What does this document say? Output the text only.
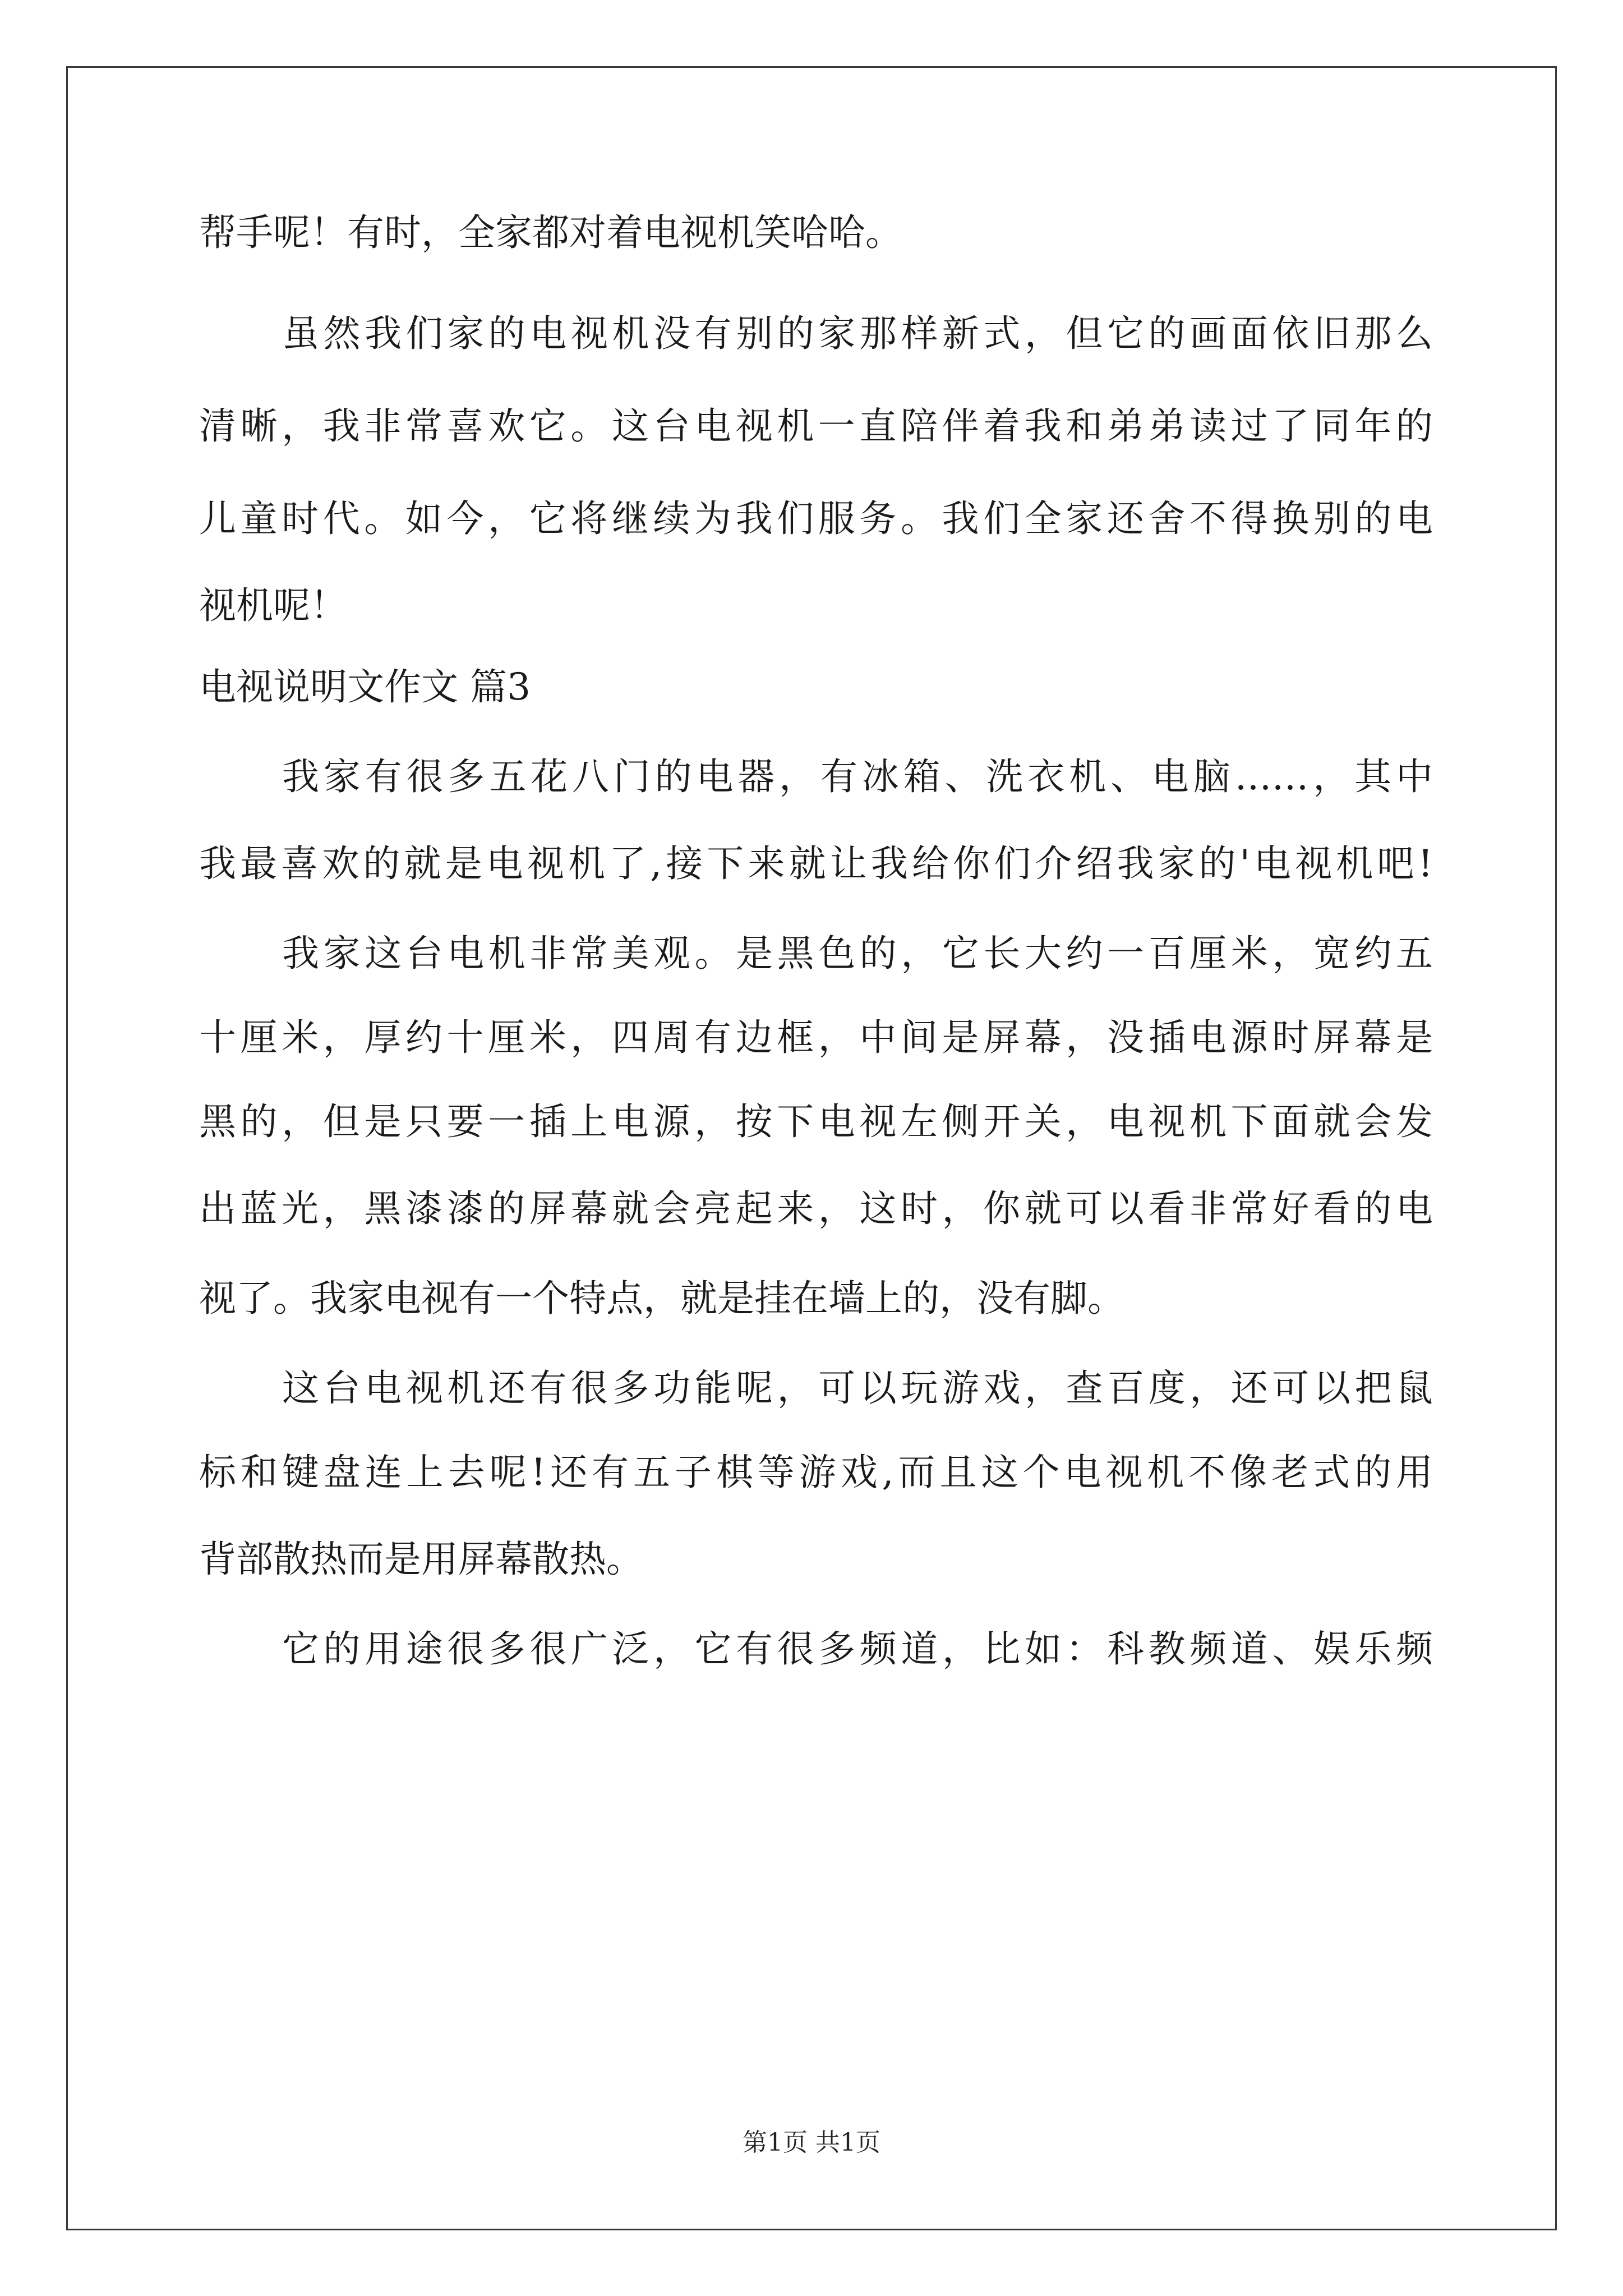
帮手呢！有时，全家都对着电视机笑哈哈。
虽然我们家的电视机没有别的家那样新式，但它的画面依旧那么
清晰，我非常喜欢它。这台电视机一直陪伴着我和弟弟读过了同年的
儿童时代。如今，它将继续为我们服务。我们全家还舍不得换别的电
视机呢！
电视说明文作文 篇3
我家有很多五花八门的电器，有冰箱、洗衣机、电脑……，其中
我最喜欢的就是电视机了,接下来就让我给你们介绍我家的'电视机吧!
我家这台电机非常美观。是黑色的，它长大约一百厘米，宽约五
十厘米，厚约十厘米，四周有边框，中间是屏幕，没插电源时屏幕是
黑的，但是只要一插上电源，按下电视左侧开关，电视机下面就会发
出蓝光，黑漆漆的屏幕就会亮起来，这时，你就可以看非常好看的电
视了。我家电视有一个特点，就是挂在墙上的，没有脚。
这台电视机还有很多功能呢，可以玩游戏，查百度，还可以把鼠
标和键盘连上去呢!还有五子棋等游戏,而且这个电视机不像老式的用
背部散热而是用屏幕散热。
它的用途很多很广泛，它有很多频道，比如：科教频道、娱乐频
第1页 共1页
